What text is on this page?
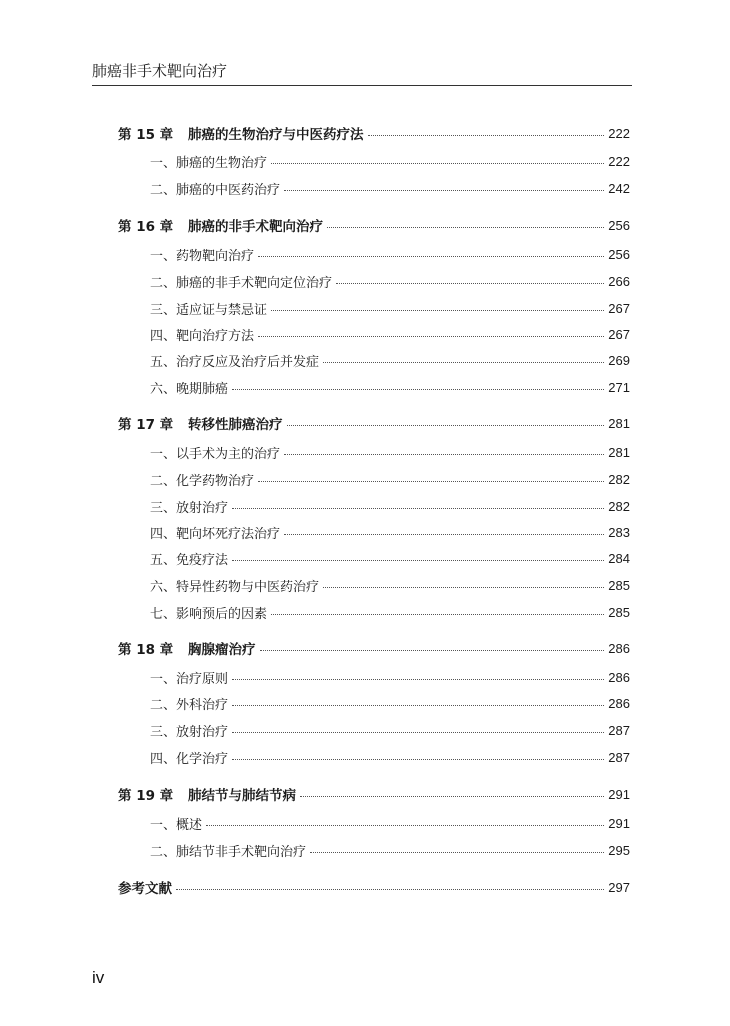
肺癌非手术靶向治疗
第 15 章	肺癌的生物治疗与中医药疗法	222
一、肺癌的生物治疗	222
二、肺癌的中医药治疗	242
第 16 章	肺癌的非手术靶向治疗	256
一、药物靶向治疗	256
二、肺癌的非手术靶向定位治疗	266
三、适应证与禁忌证	267
四、靶向治疗方法	267
五、治疗反应及治疗后并发症	269
六、晚期肺癌	271
第 17 章	转移性肺癌治疗	281
一、以手术为主的治疗	281
二、化学药物治疗	282
三、放射治疗	282
四、靶向坏死疗法治疗	283
五、免疫疗法	284
六、特异性药物与中医药治疗	285
七、影响预后的因素	285
第 18 章	胸腺瘤治疗	286
一、治疗原则	286
二、外科治疗	286
三、放射治疗	287
四、化学治疗	287
第 19 章	肺结节与肺结节病	291
一、概述	291
二、肺结节非手术靶向治疗	295
参考文献	297
iv
